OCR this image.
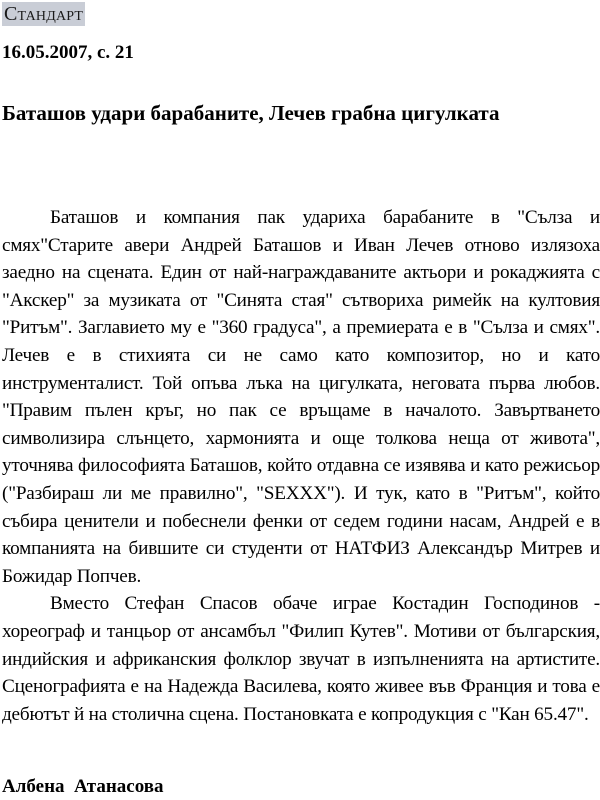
Стандарт
16.05.2007, с. 21
Баташов удари барабаните, Лечев грабна цигулката

Баташов и компания пак удариха барабаните в "Сълза и смях"Старите авери Андрей Баташов и Иван Лечев отново излязоха заедно на сцената. Един от най-награждаваните актьори и рокаджията с "Акскер" за музиката от "Синята стая" сътвориха римейк на култовия "Ритъм". Заглавието му е "360 градуса", а премиерата е в "Сълза и смях". Лечев е в стихията си не само като композитор, но и като инструменталист. Той опъва лъка на цигулката, неговата първа любов. "Правим пълен кръг, но пак се връщаме в началото. Завъртването символизира слънцето, хармонията и още толкова неща от живота", уточнява философията Баташов, който отдавна се изявява и като режисьор ("Разбираш ли ме правилно", "SEXXX"). И тук, като в "Ритъм", който събира ценители и побеснели фенки от седем години насам, Андрей е в компанията на бившите си студенти от НАТФИЗ Александър Митрев и Божидар Попчев.

Вместо Стефан Спасов обаче играе Костадин Господинов - хореограф и танцьор от ансамбъл "Филип Кутев". Мотиви от българския, индийския и африканския фолклор звучат в изпълненията на артистите. Сценографията е на Надежда Василева, която живее във Франция и това е дебютът й на столична сцена. Постановката е копродукция с "Кан 65.47".

Албена  Атанасова
